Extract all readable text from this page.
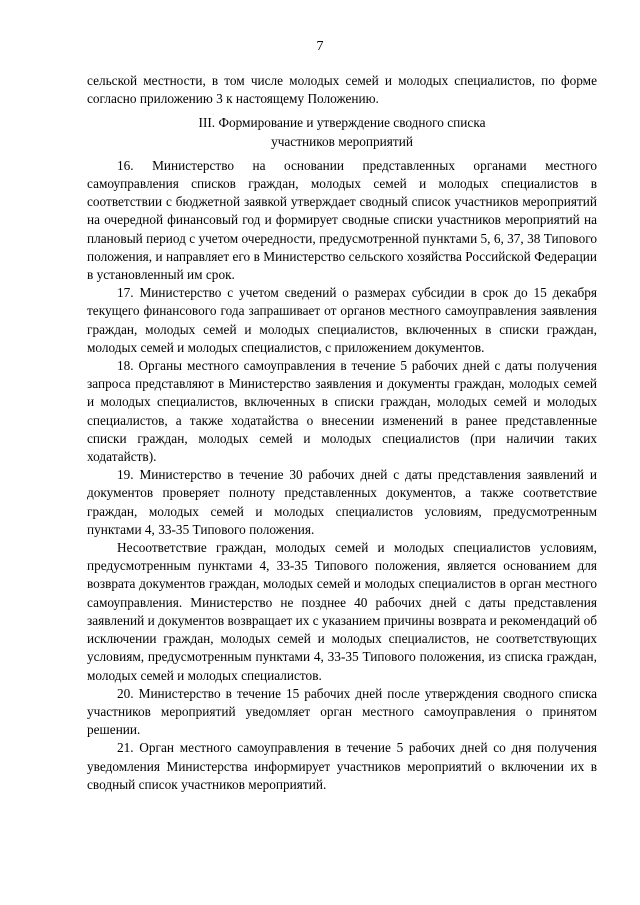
7

сельской местности, в том числе молодых семей и молодых специалистов, по форме согласно приложению 3 к настоящему Положению.

III. Формирование и утверждение сводного списка
участников мероприятий

16. Министерство на основании представленных органами местного самоуправления списков граждан, молодых семей и молодых специалистов в соответствии с бюджетной заявкой утверждает сводный список участников мероприятий на очередной финансовый год и формирует сводные списки участников мероприятий на плановый период с учетом очередности, предусмотренной пунктами 5, 6, 37, 38 Типового положения, и направляет его в Министерство сельского хозяйства Российской Федерации в установленный им срок.

17. Министерство с учетом сведений о размерах субсидии в срок до 15 декабря текущего финансового года запрашивает от органов местного самоуправления заявления граждан, молодых семей и молодых специалистов, включенных в списки граждан, молодых семей и молодых специалистов, с приложением документов.

18. Органы местного самоуправления в течение 5 рабочих дней с даты получения запроса представляют в Министерство заявления и документы граждан, молодых семей и молодых специалистов, включенных в списки граждан, молодых семей и молодых специалистов, а также ходатайства о внесении изменений в ранее представленные списки граждан, молодых семей и молодых специалистов (при наличии таких ходатайств).

19. Министерство в течение 30 рабочих дней с даты представления заявлений и документов проверяет полноту представленных документов, а также соответствие граждан, молодых семей и молодых специалистов условиям, предусмотренным пунктами 4, 33-35 Типового положения.

Несоответствие граждан, молодых семей и молодых специалистов условиям, предусмотренным пунктами 4, 33-35 Типового положения, является основанием для возврата документов граждан, молодых семей и молодых специалистов в орган местного самоуправления. Министерство не позднее 40 рабочих дней с даты представления заявлений и документов возвращает их с указанием причины возврата и рекомендаций об исключении граждан, молодых семей и молодых специалистов, не соответствующих условиям, предусмотренным пунктами 4, 33-35 Типового положения, из списка граждан, молодых семей и молодых специалистов.

20. Министерство в течение 15 рабочих дней после утверждения сводного списка участников мероприятий уведомляет орган местного самоуправления о принятом решении.

21. Орган местного самоуправления в течение 5 рабочих дней со дня получения уведомления Министерства информирует участников мероприятий о включении их в сводный список участников мероприятий.
